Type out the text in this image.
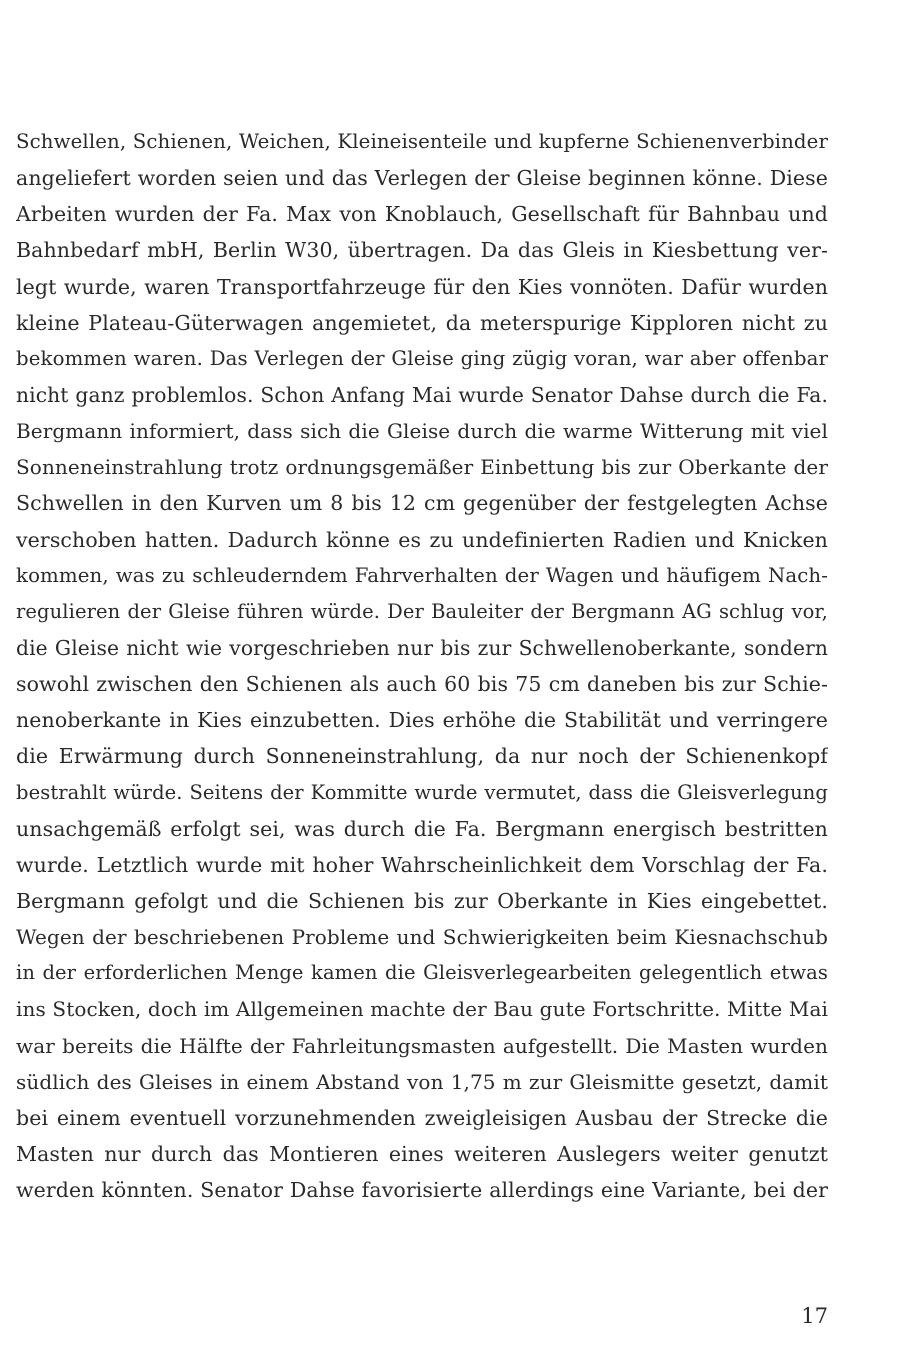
Schwellen, Schienen, Weichen, Kleineisenteile und kupferne Schienenverbinder
angeliefert worden seien und das Verlegen der Gleise beginnen könne. Diese
Arbeiten wurden der Fa. Max von Knoblauch, Gesellschaft für Bahnbau und
Bahnbedarf mbH, Berlin W30, übertragen. Da das Gleis in Kiesbettung ver-
legt wurde, waren Transportfahrzeuge für den Kies vonnöten. Dafür wurden
kleine Plateau-Güterwagen angemietet, da meterspurige Kipploren nicht zu
bekommen waren. Das Verlegen der Gleise ging zügig voran, war aber offenbar
nicht ganz problemlos. Schon Anfang Mai wurde Senator Dahse durch die Fa.
Bergmann informiert, dass sich die Gleise durch die warme Witterung mit viel
Sonneneinstrahlung trotz ordnungsgemäßer Einbettung bis zur Oberkante der
Schwellen in den Kurven um 8 bis 12 cm gegenüber der festgelegten Achse
verschoben hatten. Dadurch könne es zu undefinierten Radien und Knicken
kommen, was zu schleuderndem Fahrverhalten der Wagen und häufigem Nach-
regulieren der Gleise führen würde. Der Bauleiter der Bergmann AG schlug vor,
die Gleise nicht wie vorgeschrieben nur bis zur Schwellenoberkante, sondern
sowohl zwischen den Schienen als auch 60 bis 75 cm daneben bis zur Schie-
nenoberkante in Kies einzubetten. Dies erhöhe die Stabilität und verringere
die Erwärmung durch Sonneneinstrahlung, da nur noch der Schienenkopf
bestrahlt würde. Seitens der Kommitte wurde vermutet, dass die Gleisverlegung
unsachgemäß erfolgt sei, was durch die Fa. Bergmann energisch bestritten
wurde. Letztlich wurde mit hoher Wahrscheinlichkeit dem Vorschlag der Fa.
Bergmann gefolgt und die Schienen bis zur Oberkante in Kies eingebettet.
Wegen der beschriebenen Probleme und Schwierigkeiten beim Kiesnachschub
in der erforderlichen Menge kamen die Gleisverlegearbeiten gelegentlich etwas
ins Stocken, doch im Allgemeinen machte der Bau gute Fortschritte. Mitte Mai
war bereits die Hälfte der Fahrleitungsmasten aufgestellt. Die Masten wurden
südlich des Gleises in einem Abstand von 1,75 m zur Gleismitte gesetzt, damit
bei einem eventuell vorzunehmenden zweigleisigen Ausbau der Strecke die
Masten nur durch das Montieren eines weiteren Auslegers weiter genutzt
werden könnten. Senator Dahse favorisierte allerdings eine Variante, bei der
17
